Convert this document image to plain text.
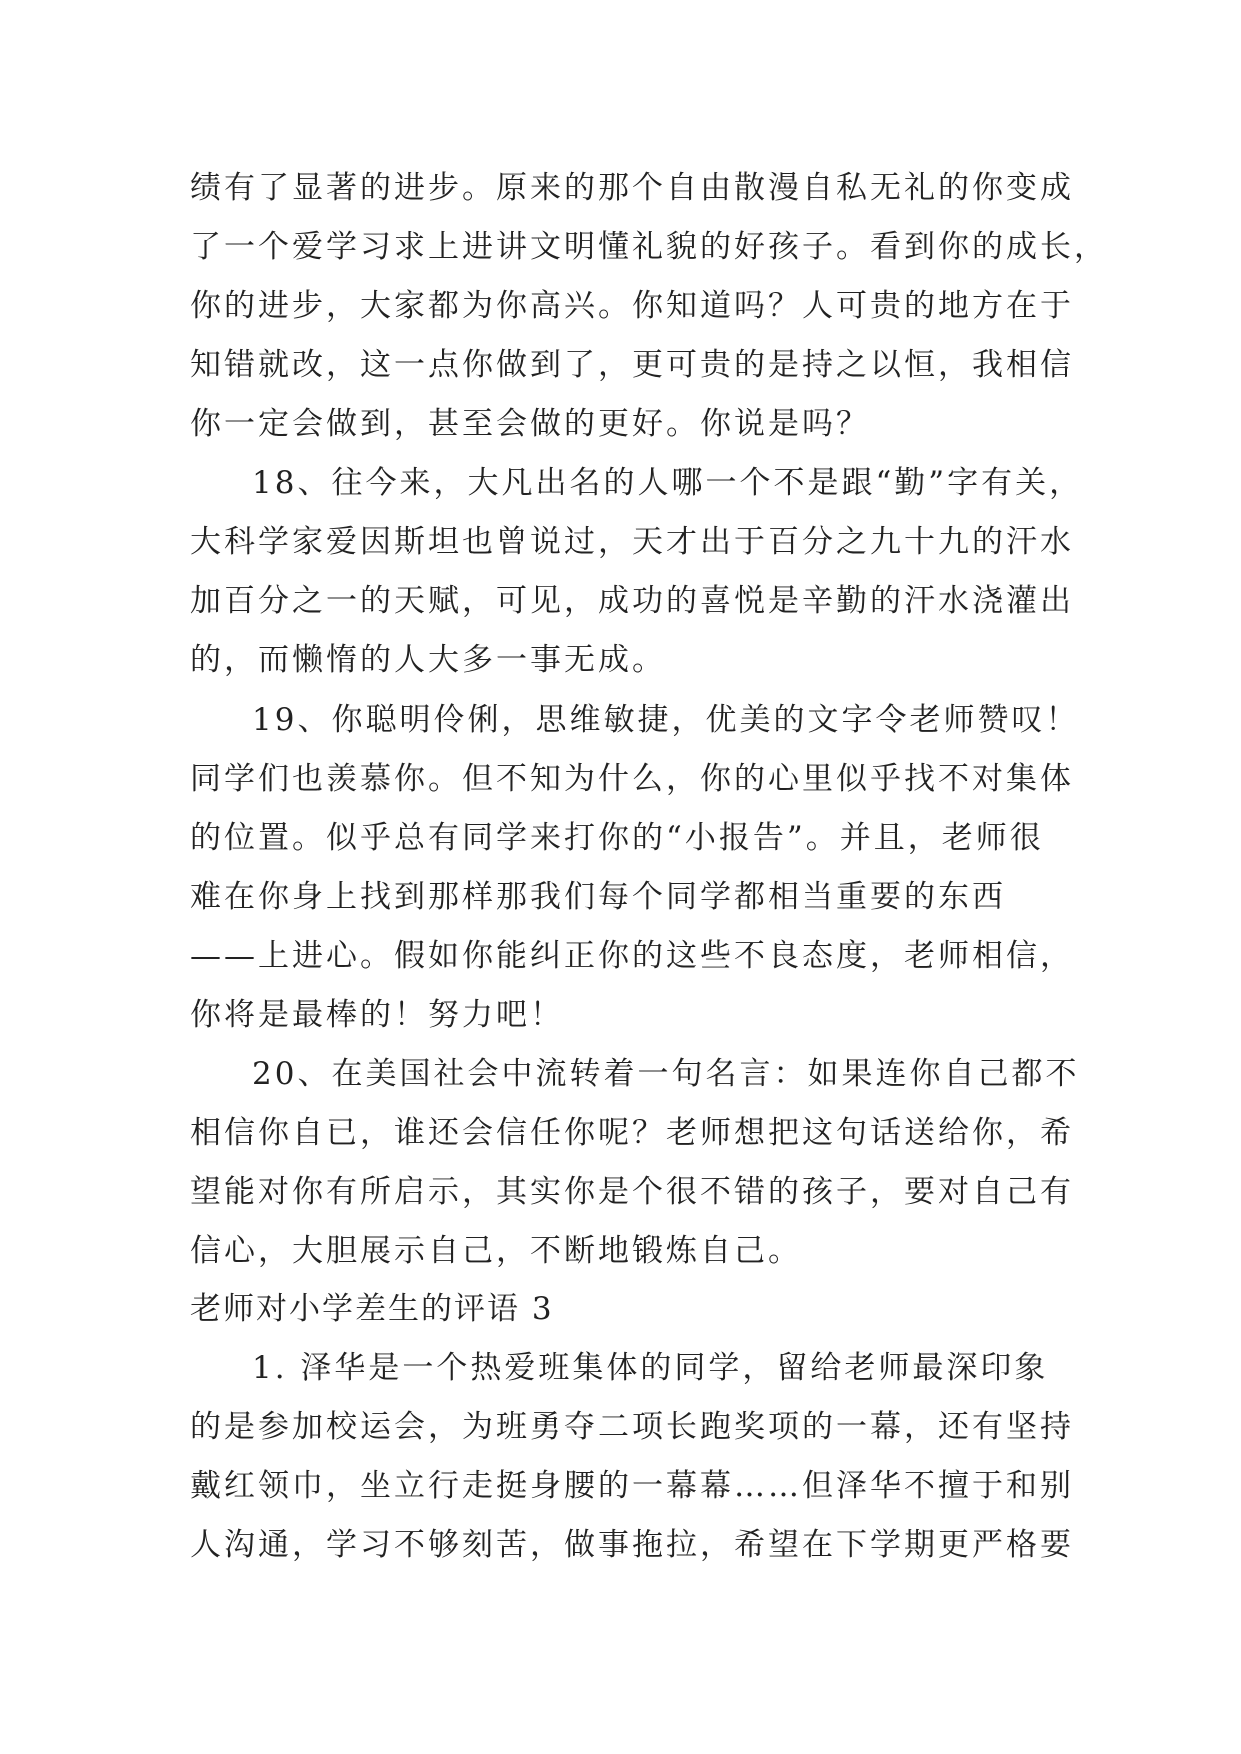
绩有了显著的进步。原来的那个自由散漫自私无礼的你变成
了一个爱学习求上进讲文明懂礼貌的好孩子。看到你的成长，
你的进步，大家都为你高兴。你知道吗？人可贵的地方在于
知错就改，这一点你做到了，更可贵的是持之以恒，我相信
你一定会做到，甚至会做的更好。你说是吗？
18、往今来，大凡出名的人哪一个不是跟“勤”字有关，
大科学家爱因斯坦也曾说过，天才出于百分之九十九的汗水
加百分之一的天赋，可见，成功的喜悦是辛勤的汗水浇灌出
的，而懒惰的人大多一事无成。
19、你聪明伶俐，思维敏捷，优美的文字令老师赞叹！
同学们也羡慕你。但不知为什么，你的心里似乎找不对集体
的位置。似乎总有同学来打你的“小报告”。并且，老师很
难在你身上找到那样那我们每个同学都相当重要的东西
——上进心。假如你能纠正你的这些不良态度，老师相信，
你将是最棒的！努力吧！
20、在美国社会中流转着一句名言：如果连你自己都不
相信你自已，谁还会信任你呢？老师想把这句话送给你，希
望能对你有所启示，其实你是个很不错的孩子，要对自己有
信心，大胆展示自己，不断地锻炼自己。
老师对小学差生的评语 3
1. 泽华是一个热爱班集体的同学，留给老师最深印象
的是参加校运会，为班勇夺二项长跑奖项的一幕，还有坚持
戴红领巾，坐立行走挺身腰的一幕幕……但泽华不擅于和别
人沟通，学习不够刻苦，做事拖拉，希望在下学期更严格要
